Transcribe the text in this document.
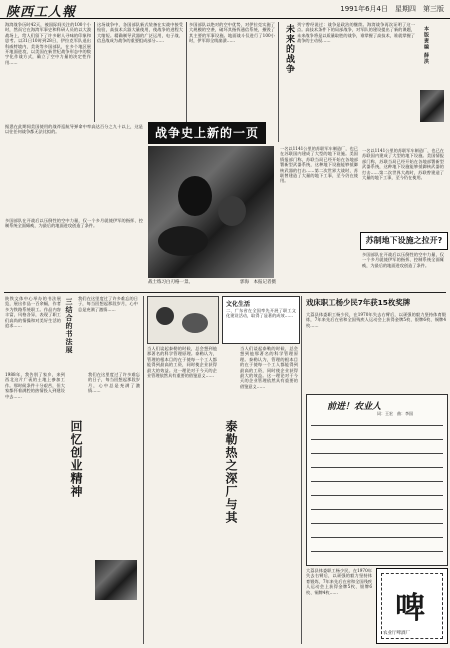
陕西工人報	1991年6月4日　星期四　第三版
海湾战争历时42天，被国际间关注的100个小时，然而它在海湾军事史和科研人员的以大漠战场上，给人们留下了许多耐人寻味的印象和思考。以31日10时到28日，伊拉克军队退出科威特境内，美英等多国部队，在多个地区展开地面进攻，以美国在新世纪战争形态中的数字化作战方式，确立了空中力量的决定性作用……
这场战争中，各国部队新式装备在实战中接受检验，高技术兵器大量使用，使战争的进程大大缩短。精确制导武器的广泛运用，电子战、信息战成为战争的重要组成部分……
多国部队以绝对的空中优势，对伊拉克实施了大规模的空袭，破坏其指挥通信系统，摧毁了其主要的军事设施。地面战斗仅进行了100小时，伊军即全线崩溃……	未来的战争 列宁曾经说过：战争是政治的继续。海湾战争再次证明了这一点。高技术条件下的局部战争，对军队的建设提出了新的课题，未来战争将是以质量取胜的战争，谁掌握了高技术，谁就掌握了战争的主动权……	本版责编 薛洪
战争史上新的一页
据悉在此期间美国使用的战斧巡航导弹命中率高达百分之九十以上，这是以往任何战争都无法比拟的。
战士练习白刃格一景。	郭海　本报记者摄
多国部队在开战后以压倒性的空中力量，仅一个多月就使伊军的指挥、控制系统全面瘫痪，为最后的地面进攻创造了条件。
一名以1141公里的苏联军车制造厂，也已在苏联国内建成了大型的地下设施。美国情报部门称，苏联当局已经开始在各地部署新型武器系统，这种地下设施能够抵御核武器的打击……第二次世界大战时，苏联曾建造了大量的地下工事，至今仍在使用。
苏制地下设施之拉开?
一名以1141公里的苏联军车制造厂，也已在苏联国内建成了大型的地下设施。美国情报部门称，苏联当局已经开始在各地部署新型武器系统，这种地下设施能够抵御核武器的打击……第二次世界大战时，苏联曾建造了大量的地下工事，至今仍在使用。
多国部队在开战后以压倒性的空中力量，仅一个多月就使伊军的指挥、控制系统全面瘫痪，为最后的地面进攻创造了条件。
陕铁文体中心举办的书法展览，展出作品一百余幅，作者多为铁路系统职工。作品内容丰富，风格各异，表现了职工们高尚的情操和对美好生活的追求……	三结合的书法展 我们在这里度过了许多难忘的日子，每当回想起那段岁月，心中总是充满了激情……
1988年，我告别了家乡，来到西北这片广袤的土地上参加工作。那时候条件十分艰苦，但大家都怀着满腔的热情投入到建设中去……
回忆创业精神
我们在这里度过了许多难忘的日子，每当回想起那段岁月，心中总是充满了激情……
当人们谈起泰勒的时候，总会想到他那著名的科学管理原理。泰勒认为，管理的根本目的在于使每一个工人都能得到最高的工资，同时使企业获得最大的效益。这一理论对于今天的企业管理依然具有重要的借鉴意义……
泰勒热之深厂与其
当人们谈起泰勒的时候，总会想到他那著名的科学管理原理。泰勒认为，管理的根本目的在于使每一个工人都能得到最高的工资，同时使企业获得最大的效益。这一理论对于今天的企业管理依然具有重要的借鉴意义……
文化生活
二、广东省在全国率先开展了职工文化建设活动，取得了显著的成效……
戏床职工杨少民7年获15枚奖牌
大荔县体委职工杨少民，在1970年失去右臂后，以顽强的毅力坚持体育锻炼，7年来先后在省和全国残疾人运动会上获得金牌5枚、银牌6枚、铜牌4枚……
前进！农业人
词：王宏　曲：李国
啤
农业厅啤酒厂
大荔县体委职工杨少民，在1970年失去右臂后，以顽强的毅力坚持体育锻炼，7年来先后在省和全国残疾人运动会上获得金牌5枚、银牌6枚、铜牌4枚……
